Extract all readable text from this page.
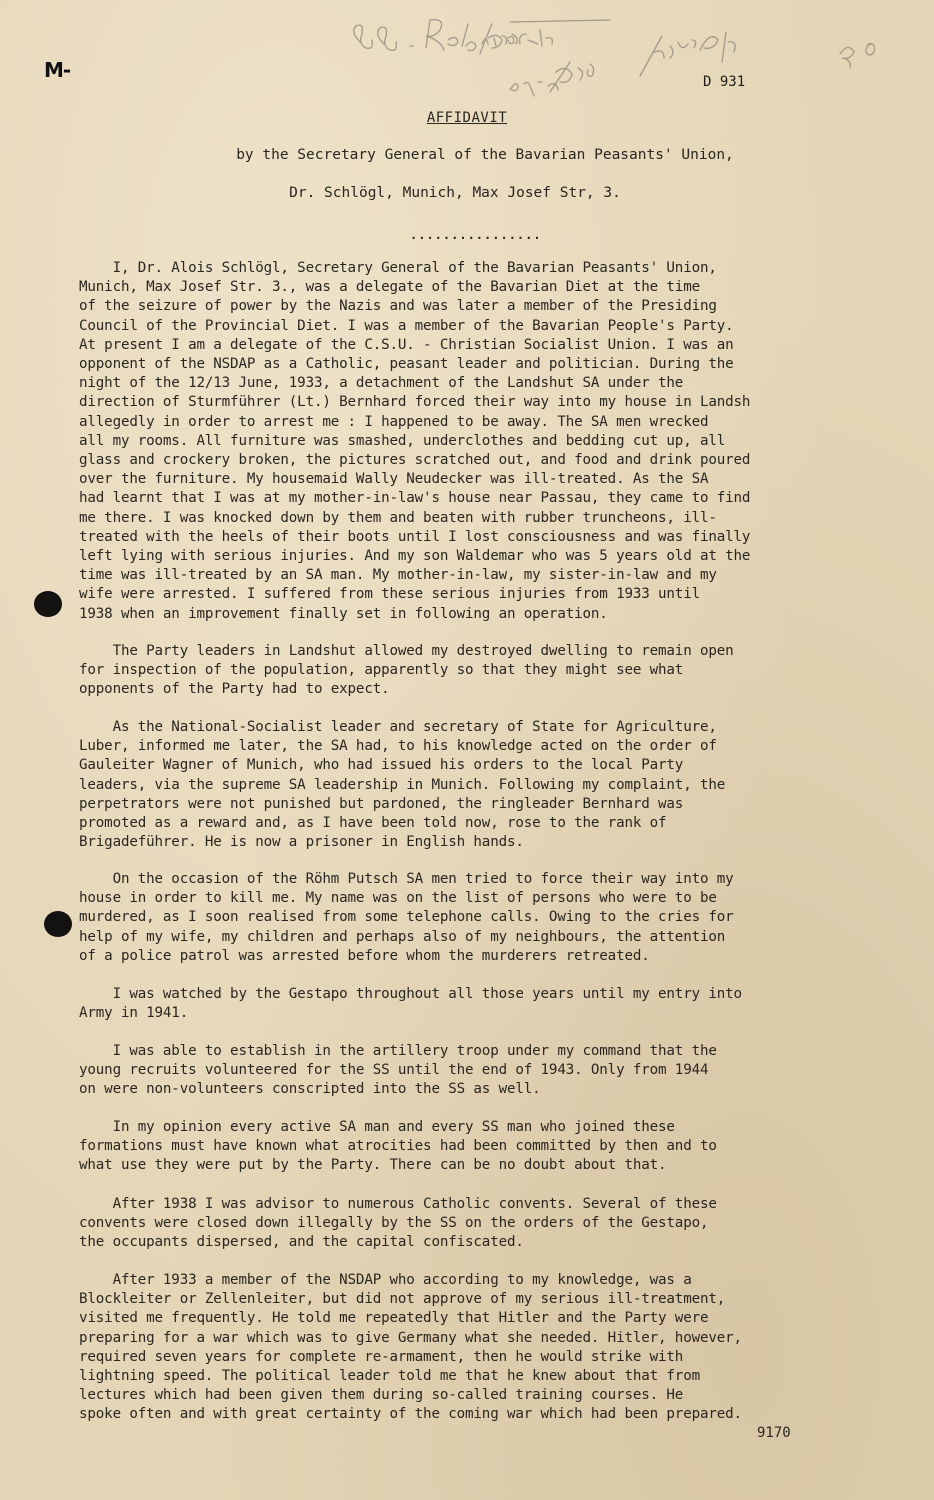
M-	D 931
AFFIDAVIT
by the Secretary General of the Bavarian Peasants' Union,
Dr. Schlögl, Munich, Max Josef Str, 3.
................
I, Dr. Alois Schlögl, Secretary General of the Bavarian Peasants' Union,
Munich, Max Josef Str. 3., was a delegate of the Bavarian Diet at the time
of the seizure of power by the Nazis and was later a member of the Presiding
Council of the Provincial Diet. I was a member of the Bavarian People's Party.
At present I am a delegate of the C.S.U. - Christian Socialist Union. I was an
opponent of the NSDAP as a Catholic, peasant leader and politician. During the
night of the 12/13 June, 1933, a detachment of the Landshut SA under the
direction of Sturmführer (Lt.) Bernhard forced their way into my house in Landsh
allegedly in order to arrest me : I happened to be away. The SA men wrecked
all my rooms. All furniture was smashed, underclothes and bedding cut up, all
glass and crockery broken, the pictures scratched out, and food and drink poured
over the furniture. My housemaid Wally Neudecker was ill-treated. As the SA
had learnt that I was at my mother-in-law's house near Passau, they came to find
me there. I was knocked down by them and beaten with rubber truncheons, ill-
treated with the heels of their boots until I lost consciousness and was finally
left lying with serious injuries. And my son Waldemar who was 5 years old at the
time was ill-treated by an SA man. My mother-in-law, my sister-in-law and my
wife were arrested. I suffered from these serious injuries from 1933 until
1938 when an improvement finally set in following an operation.
The Party leaders in Landshut allowed my destroyed dwelling to remain open
for inspection of the population, apparently so that they might see what
opponents of the Party had to expect.
As the National-Socialist leader and secretary of State for Agriculture,
Luber, informed me later, the SA had, to his knowledge acted on the order of
Gauleiter Wagner of Munich, who had issued his orders to the local Party
leaders, via the supreme SA leadership in Munich. Following my complaint, the
perpetrators were not punished but pardoned, the ringleader Bernhard was
promoted as a reward and, as I have been told now, rose to the rank of
Brigadeführer. He is now a prisoner in English hands.
On the occasion of the Röhm Putsch SA men tried to force their way into my
house in order to kill me. My name was on the list of persons who were to be
murdered, as I soon realised from some telephone calls. Owing to the cries for
help of my wife, my children and perhaps also of my neighbours, the attention
of a police patrol was arrested before whom the murderers retreated.
I was watched by the Gestapo throughout all those years until my entry into
Army in 1941.
I was able to establish in the artillery troop under my command that the
young recruits volunteered for the SS until the end of 1943. Only from 1944
on were non-volunteers conscripted into the SS as well.
In my opinion every active SA man and every SS man who joined these
formations must have known what atrocities had been committed by then and to
what use they were put by the Party. There can be no doubt about that.
After 1938 I was advisor to numerous Catholic convents. Several of these
convents were closed down illegally by the SS on the orders of the Gestapo,
the occupants dispersed, and the capital confiscated.
After 1933 a member of the NSDAP who according to my knowledge, was a
Blockleiter or Zellenleiter, but did not approve of my serious ill-treatment,
visited me frequently. He told me repeatedly that Hitler and the Party were
preparing for a war which was to give Germany what she needed. Hitler, however,
required seven years for complete re-armament, then he would strike with
lightning speed. The political leader told me that he knew about that from
lectures which had been given them during so-called training courses. He
spoke often and with great certainty of the coming war which had been prepared.
9170
